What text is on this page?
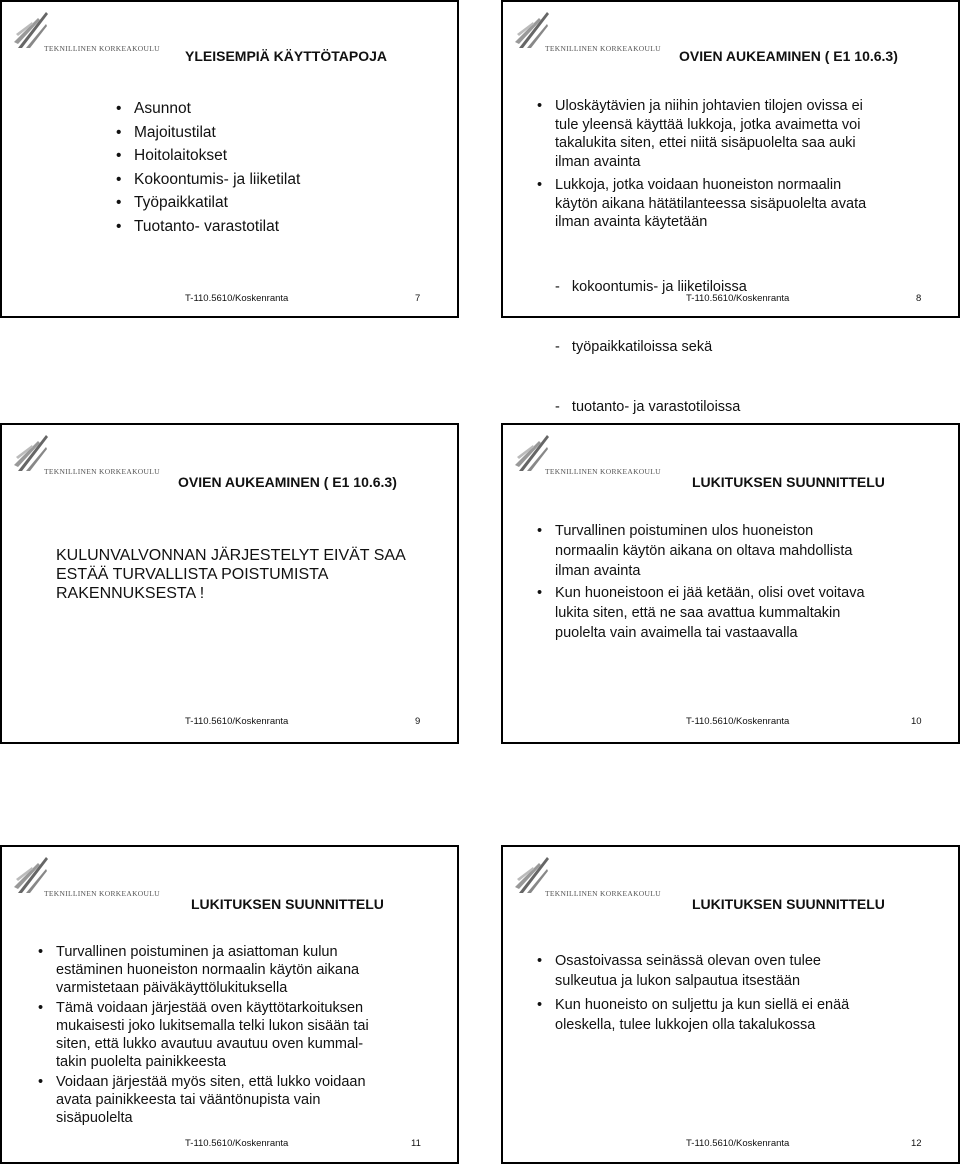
TEKNILLINEN KORKEAKOULU YLEISEMPIÄ KÄYTTÖTAPOJA
• Asunnot
• Majoitustilat
• Hoitolaitokset
• Kokoontumis- ja liiketilat
• Työpaikkatilat
• Tuotanto- varastotilat
T-110.5610/Koskenranta	7
TEKNILLINEN KORKEAKOULU OVIEN AUKEAMINEN ( E1 10.6.3)
• Uloskäytävien ja niihin johtavien tilojen ovissa ei
tule yleensä käyttää lukkoja, jotka avaimetta voi
takalukita siten, ettei niitä sisäpuolelta saa auki
ilman avainta
• Lukkoja, jotka voidaan huoneiston normaalin
käytön aikana hätätilanteessa sisäpuolelta avata
ilman avainta käytetään

-   kokoontumis- ja liiketiloissa

-   työpaikkatiloissa sekä

-   tuotanto- ja varastotiloissa

T-110.5610/Koskenranta	8
TEKNILLINEN KORKEAKOULU
OVIEN AUKEAMINEN ( E1 10.6.3)
KULUNVALVONNAN JÄRJESTELYT EIVÄT SAA
ESTÄÄ TURVALLISTA POISTUMISTA
RAKENNUKSESTA !
T-110.5610/Koskenranta	9
TEKNILLINEN KORKEAKOULU
LUKITUKSEN SUUNNITTELU
• Turvallinen poistuminen ulos huoneiston
normaalin käytön aikana on oltava mahdollista
ilman avainta
• Kun huoneistoon ei jää ketään, olisi ovet voitava
lukita siten, että ne saa avattua kummaltakin
puolelta vain avaimella tai vastaavalla
T-110.5610/Koskenranta	10
TEKNILLINEN KORKEAKOULU
LUKITUKSEN SUUNNITTELU
• Turvallinen poistuminen ja asiattoman kulun
estäminen huoneiston normaalin käytön aikana
varmistetaan päiväkäyttölukituksella
• Tämä voidaan järjestää oven käyttötarkoituksen
mukaisesti joko lukitsemalla telki lukon sisään tai
siten, että lukko avautuu avautuu oven kummal-
takin puolelta painikkeesta
• Voidaan järjestää myös siten, että lukko voidaan
avata painikkeesta tai vääntönupista vain
sisäpuolelta
T-110.5610/Koskenranta	11
TEKNILLINEN KORKEAKOULU
LUKITUKSEN SUUNNITTELU
• Osastoivassa seinässä olevan oven tulee
sulkeutua ja lukon salpautua itsestään
• Kun huoneisto on suljettu ja kun siellä ei enää
oleskella, tulee lukkojen olla takalukossa
T-110.5610/Koskenranta	12
